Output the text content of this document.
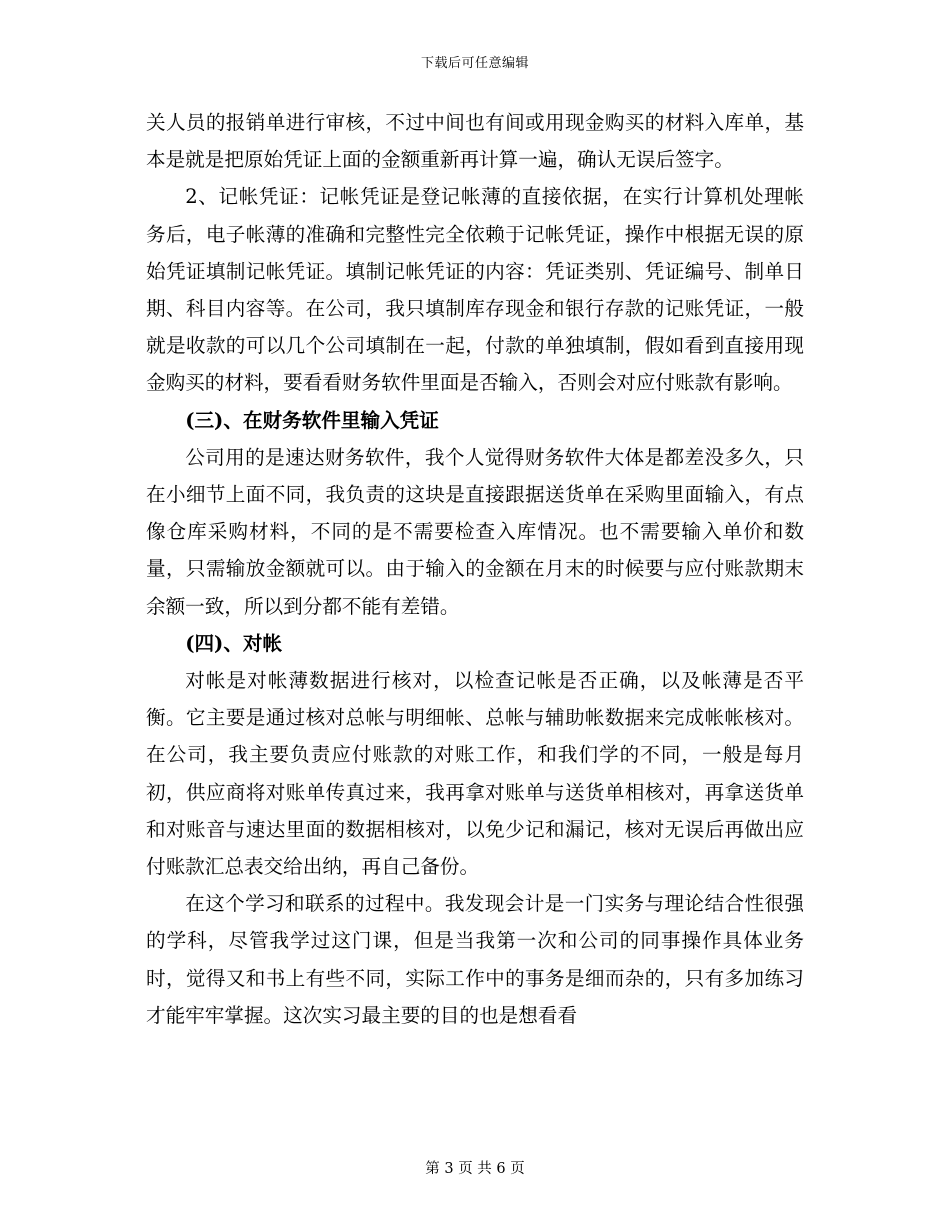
下载后可任意编辑

关人员的报销单进行审核，不过中间也有间或用现金购买的材料入库单，基本是就是把原始凭证上面的金额重新再计算一遍，确认无误后签字。

2、记帐凭证：记帐凭证是登记帐薄的直接依据，在实行计算机处理帐务后，电子帐薄的准确和完整性完全依赖于记帐凭证，操作中根据无误的原始凭证填制记帐凭证。填制记帐凭证的内容：凭证类别、凭证编号、制单日期、科目内容等。在公司，我只填制库存现金和银行存款的记账凭证，一般就是收款的可以几个公司填制在一起，付款的单独填制，假如看到直接用现金购买的材料，要看看财务软件里面是否输入，否则会对应付账款有影响。

(三)、在财务软件里输入凭证

公司用的是速达财务软件，我个人觉得财务软件大体是都差没多久，只在小细节上面不同，我负责的这块是直接跟据送货单在采购里面输入，有点像仓库采购材料，不同的是不需要检查入库情况。也不需要输入单价和数量，只需输放金额就可以。由于输入的金额在月末的时候要与应付账款期末余额一致，所以到分都不能有差错。

(四)、对帐

对帐是对帐薄数据进行核对，以检查记帐是否正确，以及帐薄是否平衡。它主要是通过核对总帐与明细帐、总帐与辅助帐数据来完成帐帐核对。在公司，我主要负责应付账款的对账工作，和我们学的不同，一般是每月初，供应商将对账单传真过来，我再拿对账单与送货单相核对，再拿送货单和对账音与速达里面的数据相核对，以免少记和漏记，核对无误后再做出应付账款汇总表交给出纳，再自己备份。

在这个学习和联系的过程中。我发现会计是一门实务与理论结合性很强的学科，尽管我学过这门课，但是当我第一次和公司的同事操作具体业务时，觉得又和书上有些不同，实际工作中的事务是细而杂的，只有多加练习才能牢牢掌握。这次实习最主要的目的也是想看看

第 3 页 共 6 页
